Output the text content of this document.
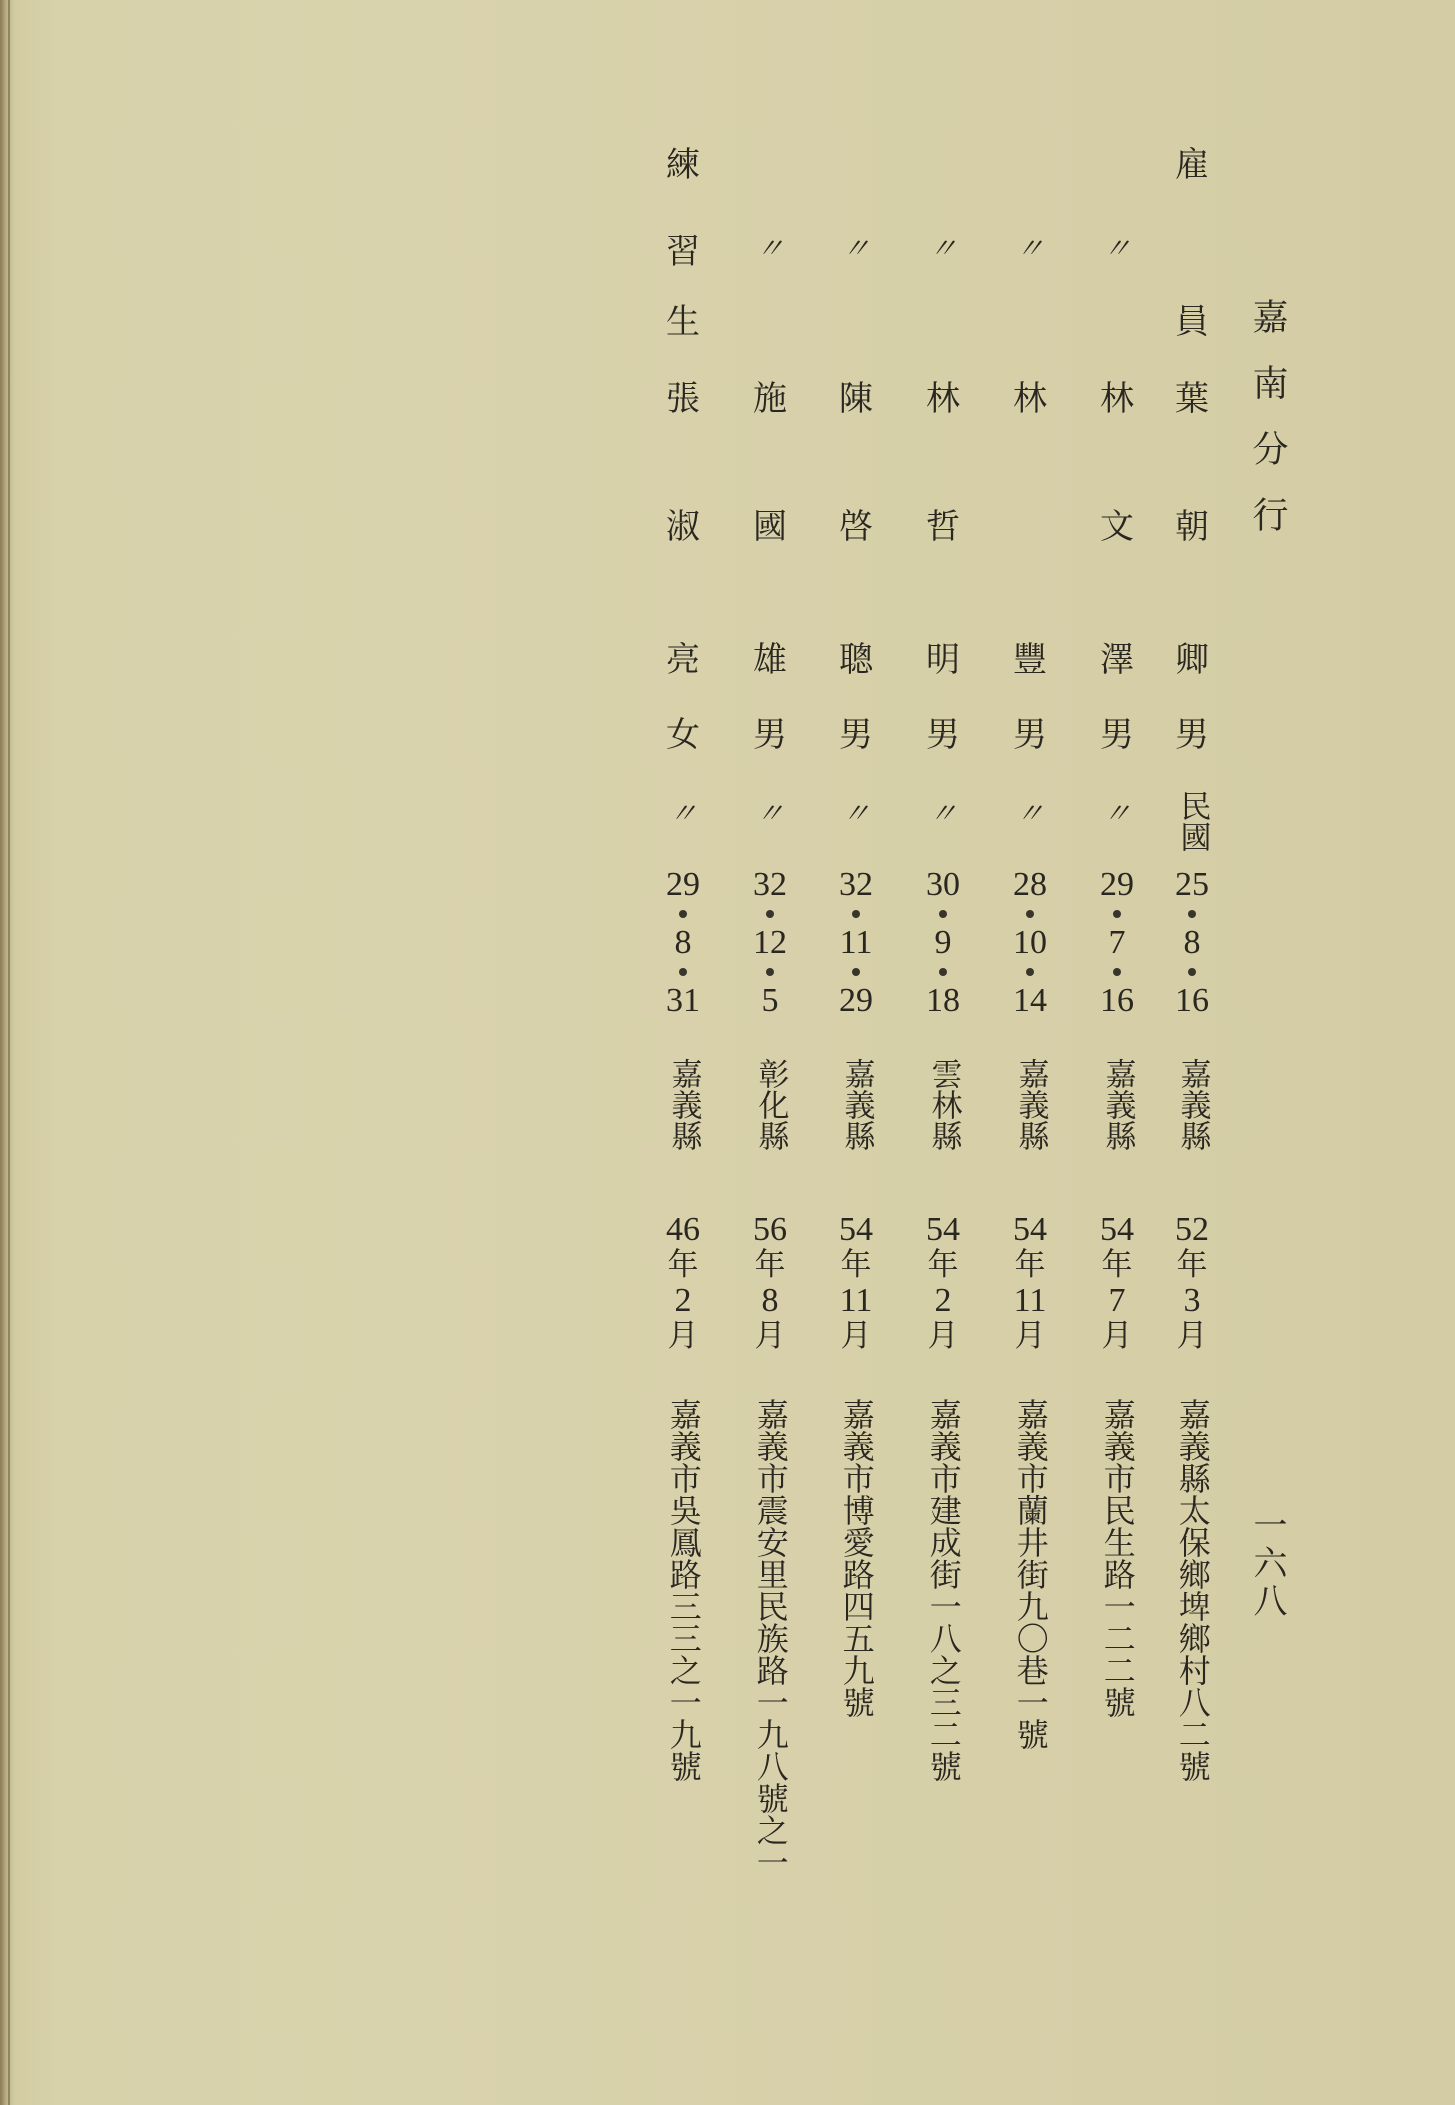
嘉南分行
一六八
雇
員
葉
朝
卿
男
民國
25
8
16
嘉義縣
52
年
3
月
嘉義縣太保鄉埤鄉村八二號
〃
林
文
澤
男
〃
29
7
16
嘉義縣
54
年
7
月
嘉義市民生路一二二號
〃
林
豐
男
〃
28
10
14
嘉義縣
54
年
11
月
嘉義市蘭井街九〇巷一號
〃
林
哲
明
男
〃
30
9
18
雲林縣
54
年
2
月
嘉義市建成街一八之三二號
〃
陳
啓
聰
男
〃
32
11
29
嘉義縣
54
年
11
月
嘉義市博愛路四五九號
〃
施
國
雄
男
〃
32
12
5
彰化縣
56
年
8
月
嘉義市震安里民族路一九八號之一
練
習
生
張
淑
亮
女
〃
29
8
31
嘉義縣
46
年
2
月
嘉義市吳鳳路三三之一九號
